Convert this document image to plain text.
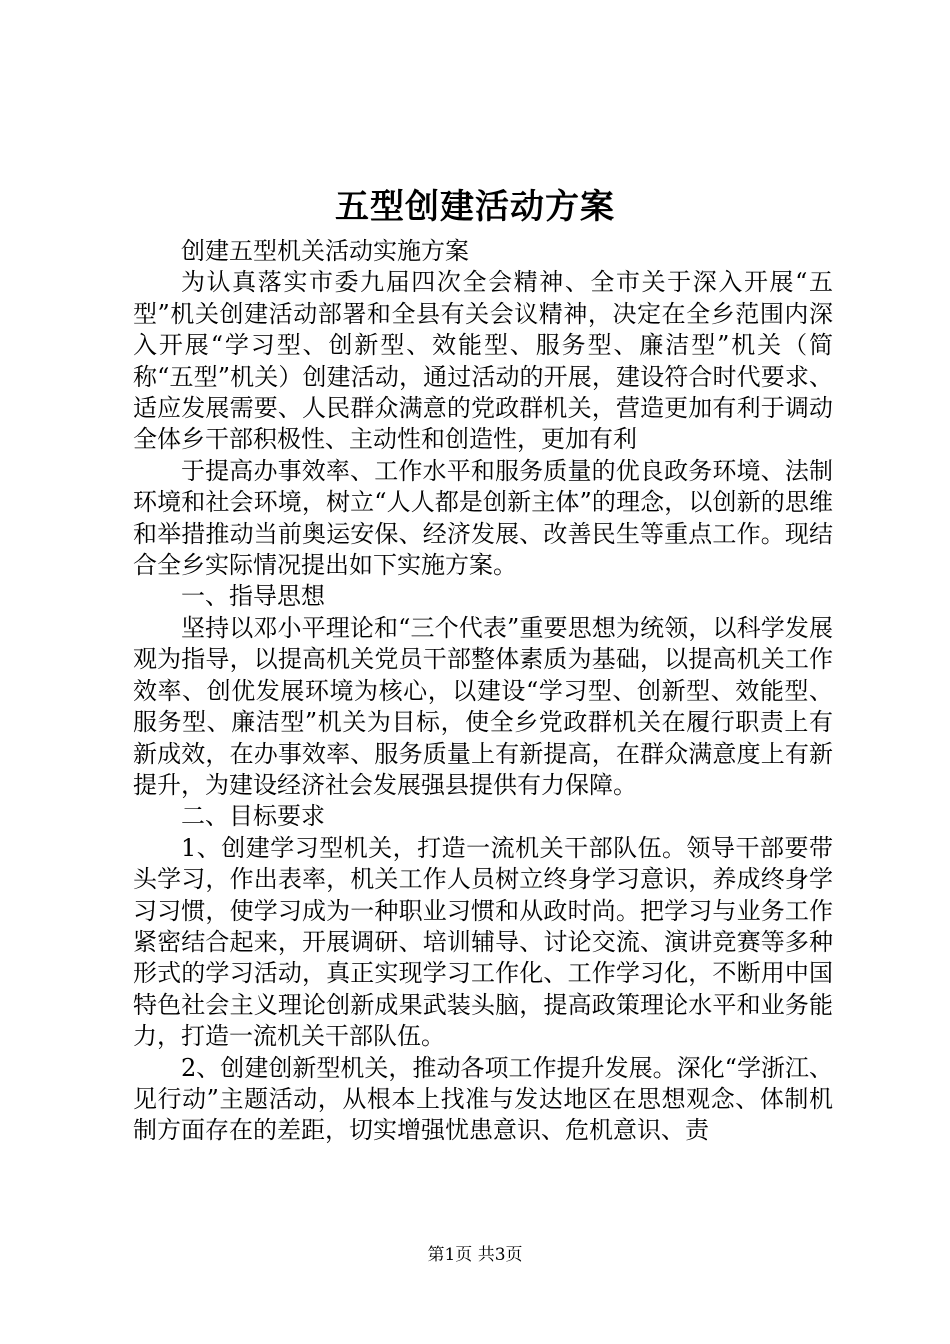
五型创建活动方案

创建五型机关活动实施方案

为认真落实市委九届四次全会精神、全市关于深入开展“五型”机关创建活动部署和全县有关会议精神，决定在全乡范围内深入开展“学习型、创新型、效能型、服务型、廉洁型”机关（简称“五型”机关）创建活动，通过活动的开展，建设符合时代要求、适应发展需要、人民群众满意的党政群机关，营造更加有利于调动全体乡干部积极性、主动性和创造性，更加有利

于提高办事效率、工作水平和服务质量的优良政务环境、法制环境和社会环境，树立“人人都是创新主体”的理念，以创新的思维和举措推动当前奥运安保、经济发展、改善民生等重点工作。现结合全乡实际情况提出如下实施方案。

一、指导思想

坚持以邓小平理论和“三个代表”重要思想为统领，以科学发展观为指导，以提高机关党员干部整体素质为基础，以提高机关工作效率、创优发展环境为核心，以建设“学习型、创新型、效能型、服务型、廉洁型”机关为目标，使全乡党政群机关在履行职责上有新成效，在办事效率、服务质量上有新提高，在群众满意度上有新提升，为建设经济社会发展强县提供有力保障。

二、目标要求

1、创建学习型机关，打造一流机关干部队伍。领导干部要带头学习，作出表率，机关工作人员树立终身学习意识，养成终身学习习惯，使学习成为一种职业习惯和从政时尚。把学习与业务工作紧密结合起来，开展调研、培训辅导、讨论交流、演讲竞赛等多种形式的学习活动，真正实现学习工作化、工作学习化，不断用中国特色社会主义理论创新成果武装头脑，提高政策理论水平和业务能力，打造一流机关干部队伍。

2、创建创新型机关，推动各项工作提升发展。深化“学浙江、见行动”主题活动，从根本上找准与发达地区在思想观念、体制机制方面存在的差距，切实增强忧患意识、危机意识、责

第1页 共3页
